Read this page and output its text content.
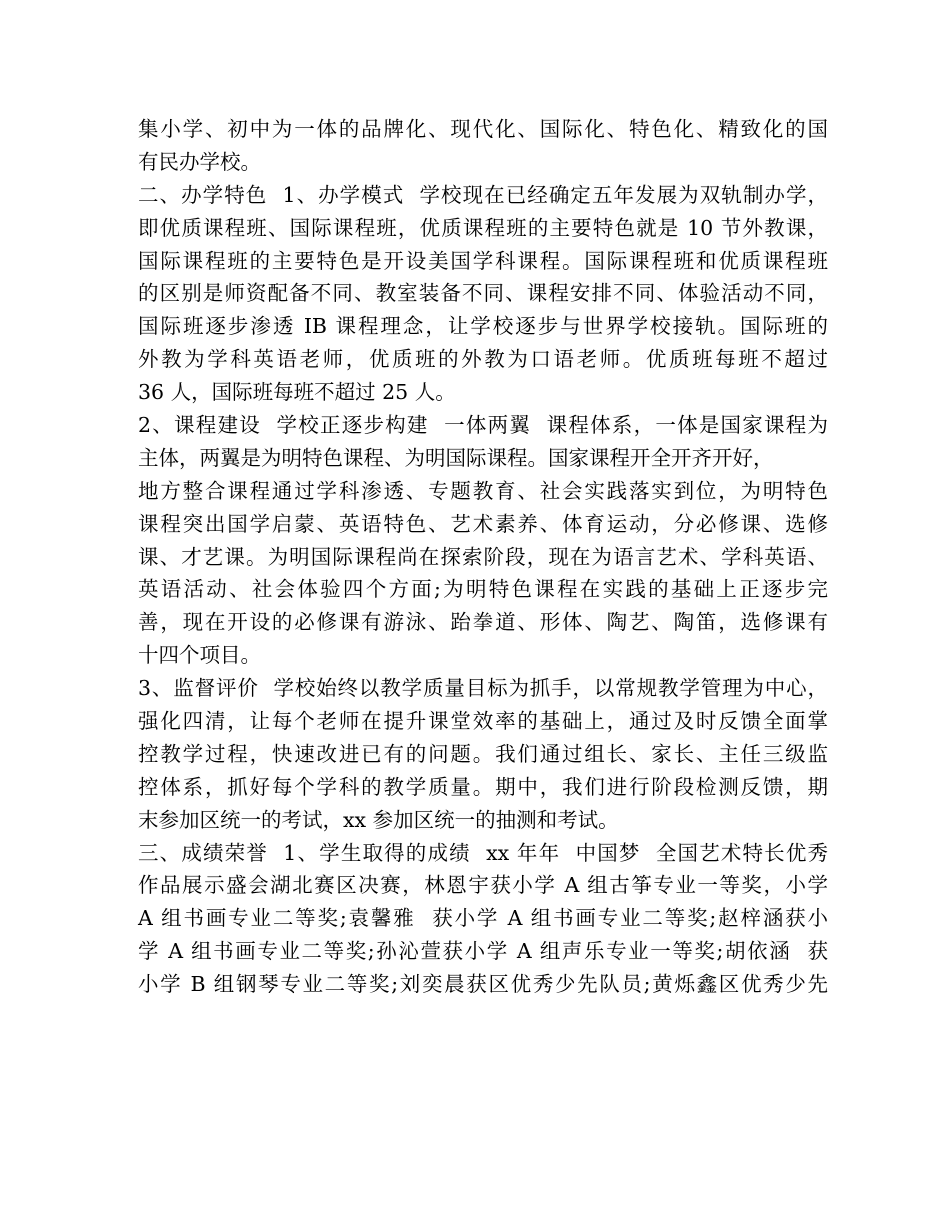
集小学、初中为一体的品牌化、现代化、国际化、特色化、精致化的国
有民办学校。
二、办学特色  1、办学模式  学校现在已经确定五年发展为双轨制办学，
即优质课程班、国际课程班，优质课程班的主要特色就是 10 节外教课，
国际课程班的主要特色是开设美国学科课程。国际课程班和优质课程班
的区别是师资配备不同、教室装备不同、课程安排不同、体验活动不同，
国际班逐步渗透 IB 课程理念，让学校逐步与世界学校接轨。国际班的
外教为学科英语老师，优质班的外教为口语老师。优质班每班不超过
36 人，国际班每班不超过 25 人。
2、课程建设  学校正逐步构建  一体两翼  课程体系，一体是国家课程为
主体，两翼是为明特色课程、为明国际课程。国家课程开全开齐开好，
地方整合课程通过学科渗透、专题教育、社会实践落实到位，为明特色
课程突出国学启蒙、英语特色、艺术素养、体育运动，分必修课、选修
课、才艺课。为明国际课程尚在探索阶段，现在为语言艺术、学科英语、
英语活动、社会体验四个方面;为明特色课程在实践的基础上正逐步完
善，现在开设的必修课有游泳、跆拳道、形体、陶艺、陶笛，选修课有
十四个项目。
3、监督评价  学校始终以教学质量目标为抓手，以常规教学管理为中心，
强化四清，让每个老师在提升课堂效率的基础上，通过及时反馈全面掌
控教学过程，快速改进已有的问题。我们通过组长、家长、主任三级监
控体系，抓好每个学科的教学质量。期中，我们进行阶段检测反馈，期
末参加区统一的考试，xx 参加区统一的抽测和考试。
三、成绩荣誉  1、学生取得的成绩  xx 年年  中国梦  全国艺术特长优秀
作品展示盛会湖北赛区决赛，林恩宇获小学 A 组古筝专业一等奖，小学
A 组书画专业二等奖;袁馨雅  获小学 A 组书画专业二等奖;赵梓涵获小
学 A 组书画专业二等奖;孙沁萱获小学 A 组声乐专业一等奖;胡依涵  获
小学 B 组钢琴专业二等奖;刘奕晨获区优秀少先队员;黄烁鑫区优秀少先
